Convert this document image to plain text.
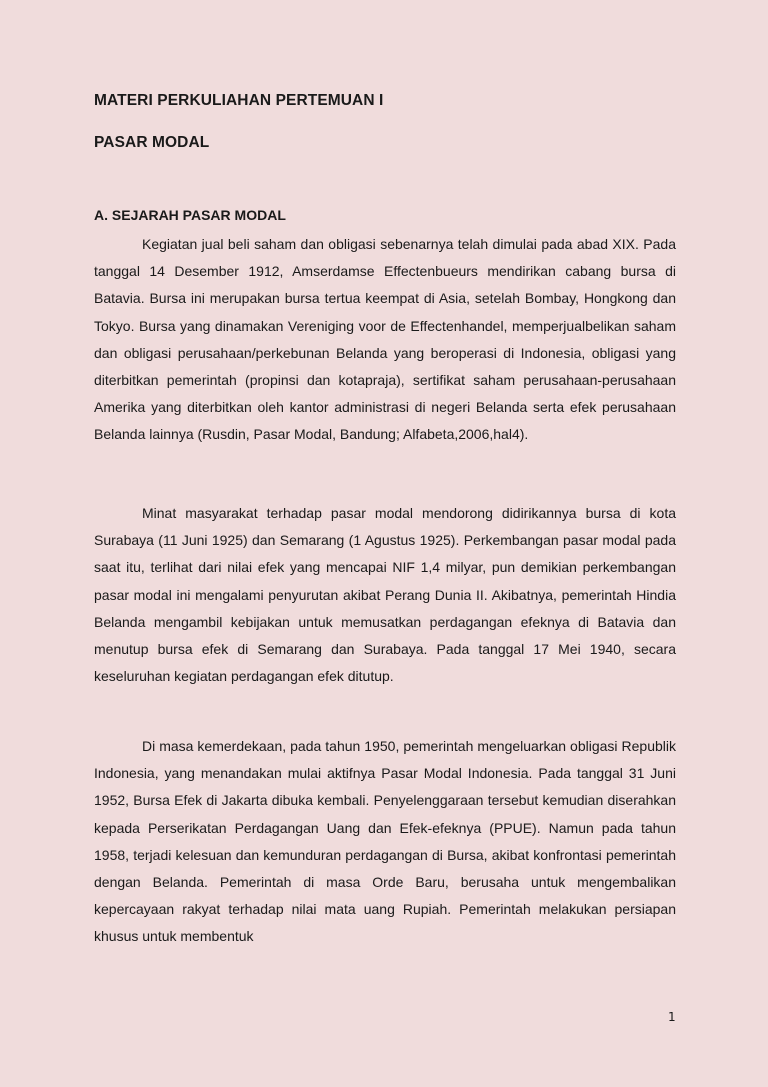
MATERI PERKULIAHAN PERTEMUAN I
PASAR MODAL
A. SEJARAH PASAR MODAL

Kegiatan jual beli saham dan obligasi sebenarnya telah dimulai pada abad XIX. Pada tanggal 14 Desember 1912, Amserdamse Effectenbueurs mendirikan cabang bursa di Batavia. Bursa ini merupakan bursa tertua keempat di Asia, setelah Bombay, Hongkong dan Tokyo. Bursa yang dinamakan Vereniging voor de Effectenhandel, memperjualbelikan saham dan obligasi perusahaan/perkebunan Belanda yang beroperasi di Indonesia, obligasi yang diterbitkan pemerintah (propinsi dan kotapraja), sertifikat saham perusahaan-perusahaan Amerika yang diterbitkan oleh kantor administrasi di negeri Belanda serta efek perusahaan Belanda lainnya (Rusdin, Pasar Modal, Bandung; Alfabeta,2006,hal4).

Minat masyarakat terhadap pasar modal mendorong didirikannya bursa di kota Surabaya (11 Juni 1925) dan Semarang (1 Agustus 1925). Perkembangan pasar modal pada saat itu, terlihat dari nilai efek yang mencapai NIF 1,4 milyar, pun demikian perkembangan pasar modal ini mengalami penyurutan akibat Perang Dunia II. Akibatnya, pemerintah Hindia Belanda mengambil kebijakan untuk memusatkan perdagangan efeknya di Batavia dan menutup bursa efek di Semarang dan Surabaya. Pada tanggal 17 Mei 1940, secara keseluruhan kegiatan perdagangan efek ditutup.

Di masa kemerdekaan, pada tahun 1950, pemerintah mengeluarkan obligasi Republik Indonesia, yang menandakan mulai aktifnya Pasar Modal Indonesia. Pada tanggal 31 Juni 1952, Bursa Efek di Jakarta dibuka kembali. Penyelenggaraan tersebut kemudian diserahkan kepada Perserikatan Perdagangan Uang dan Efek-efeknya (PPUE). Namun pada tahun 1958, terjadi kelesuan dan kemunduran perdagangan di Bursa, akibat konfrontasi pemerintah dengan Belanda. Pemerintah di masa Orde Baru, berusaha untuk mengembalikan kepercayaan rakyat terhadap nilai mata uang Rupiah. Pemerintah melakukan persiapan khusus untuk membentuk

1
